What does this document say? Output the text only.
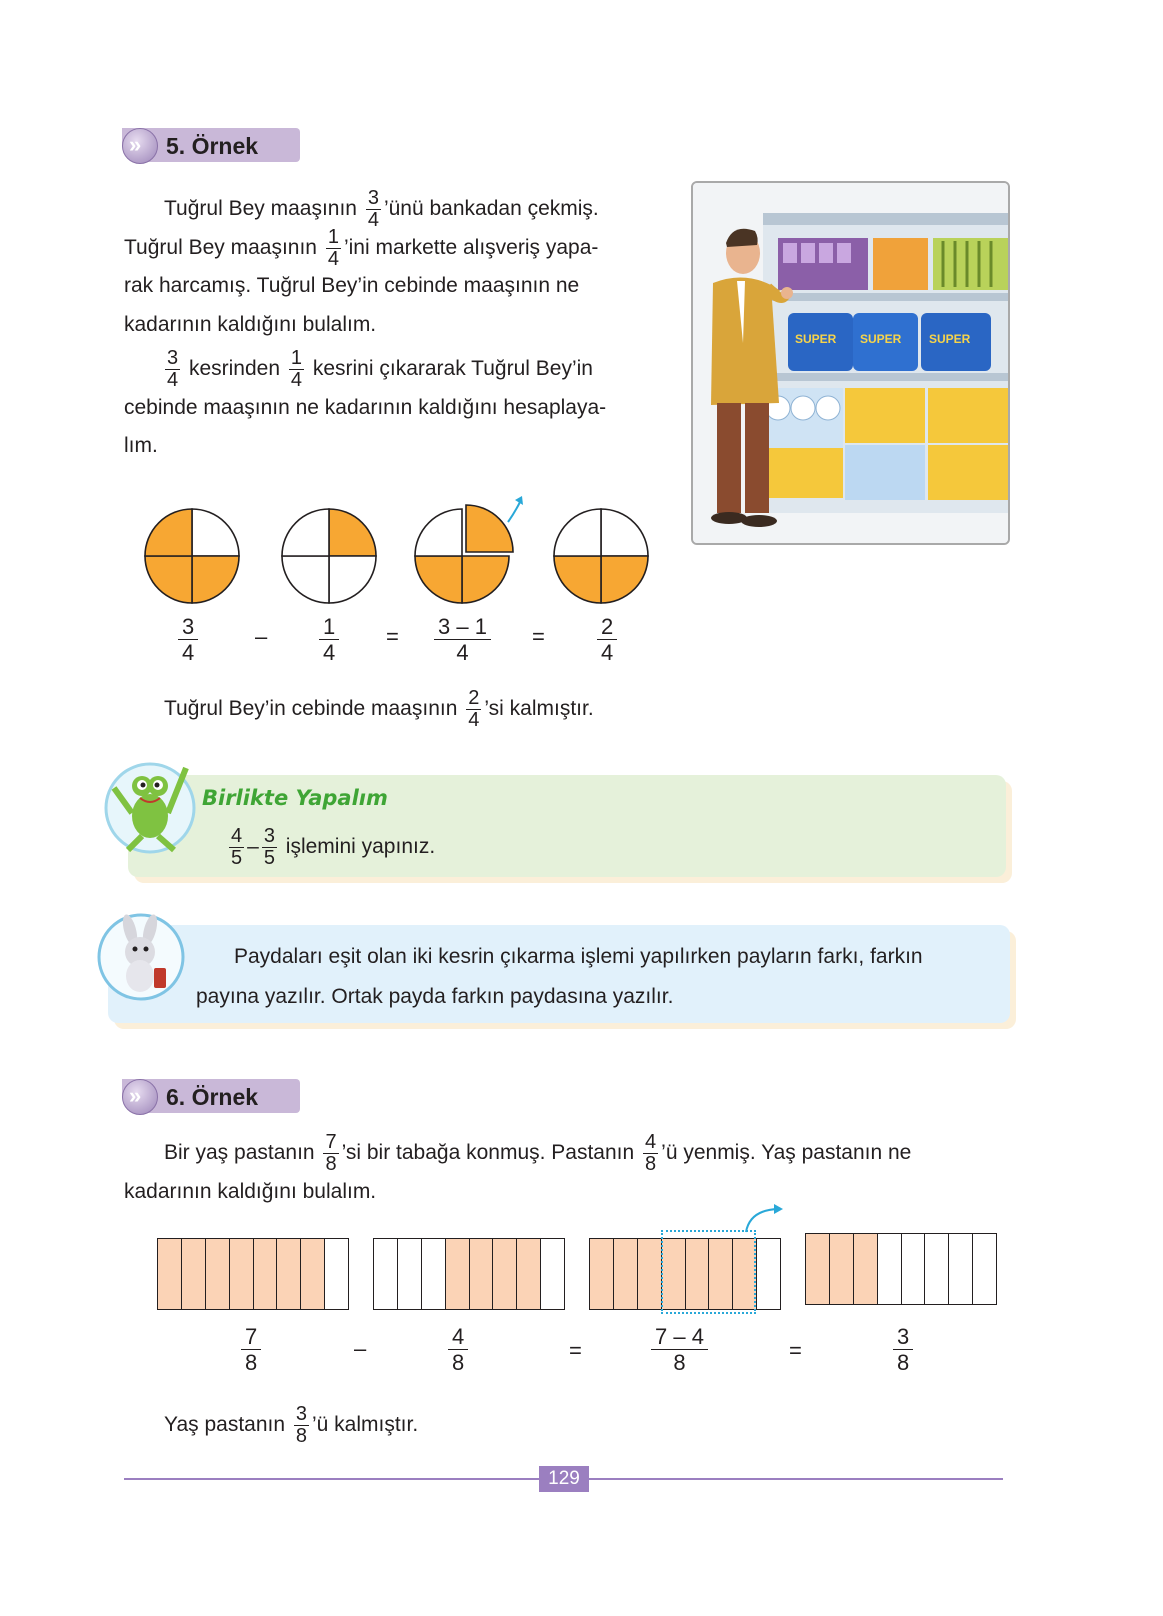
» 5. Örnek
Tuğrul Bey maaşının $\frac{3}{4}$ ’ünü bankadan çekmiş.
Tuğrul Bey maaşının $\frac{1}{4}$ ’ini markette alışveriş yapa-
rak harcamış. Tuğrul Bey’in cebinde maaşının ne
kadarının kaldığını bulalım.
$\frac{3}{4}$ kesrinden $\frac{1}{4}$ kesrini çıkararak Tuğrul Bey’in
cebinde maaşının ne kadarının kaldığını hesaplaya-
lım.
SUPER SUPER SUPER
$\frac{3}{4}$	– $\frac{1}{4} = \frac{3 - 1}{4} = \frac{2}{4}$
Tuğrul Bey’in cebinde maaşının $\frac{2}{4}$ ’si kalmıştır.
Birlikte Yapalım
$\frac{4}{5} - \frac{3}{5}$ işlemini yapınız.
Paydaları eşit olan iki kesrin çıkarma işlemi yapılırken payların farkı, farkın
payına yazılır. Ortak payda farkın paydasına yazılır.
» 6. Örnek
Bir yaş pastanın $\frac{7}{8}$ ’si bir tabağa konmuş. Pastanın $\frac{4}{8}$ ’ü yenmiş. Yaş pastanın ne
kadarının kaldığını bulalım.
$\frac{7}{8}$	–	$\frac{4}{8}$	=	$\frac{7 - 4}{8}$	=	$\frac{3}{8}$
Yaş pastanın $\frac{3}{8}$ ’ü kalmıştır.
129
